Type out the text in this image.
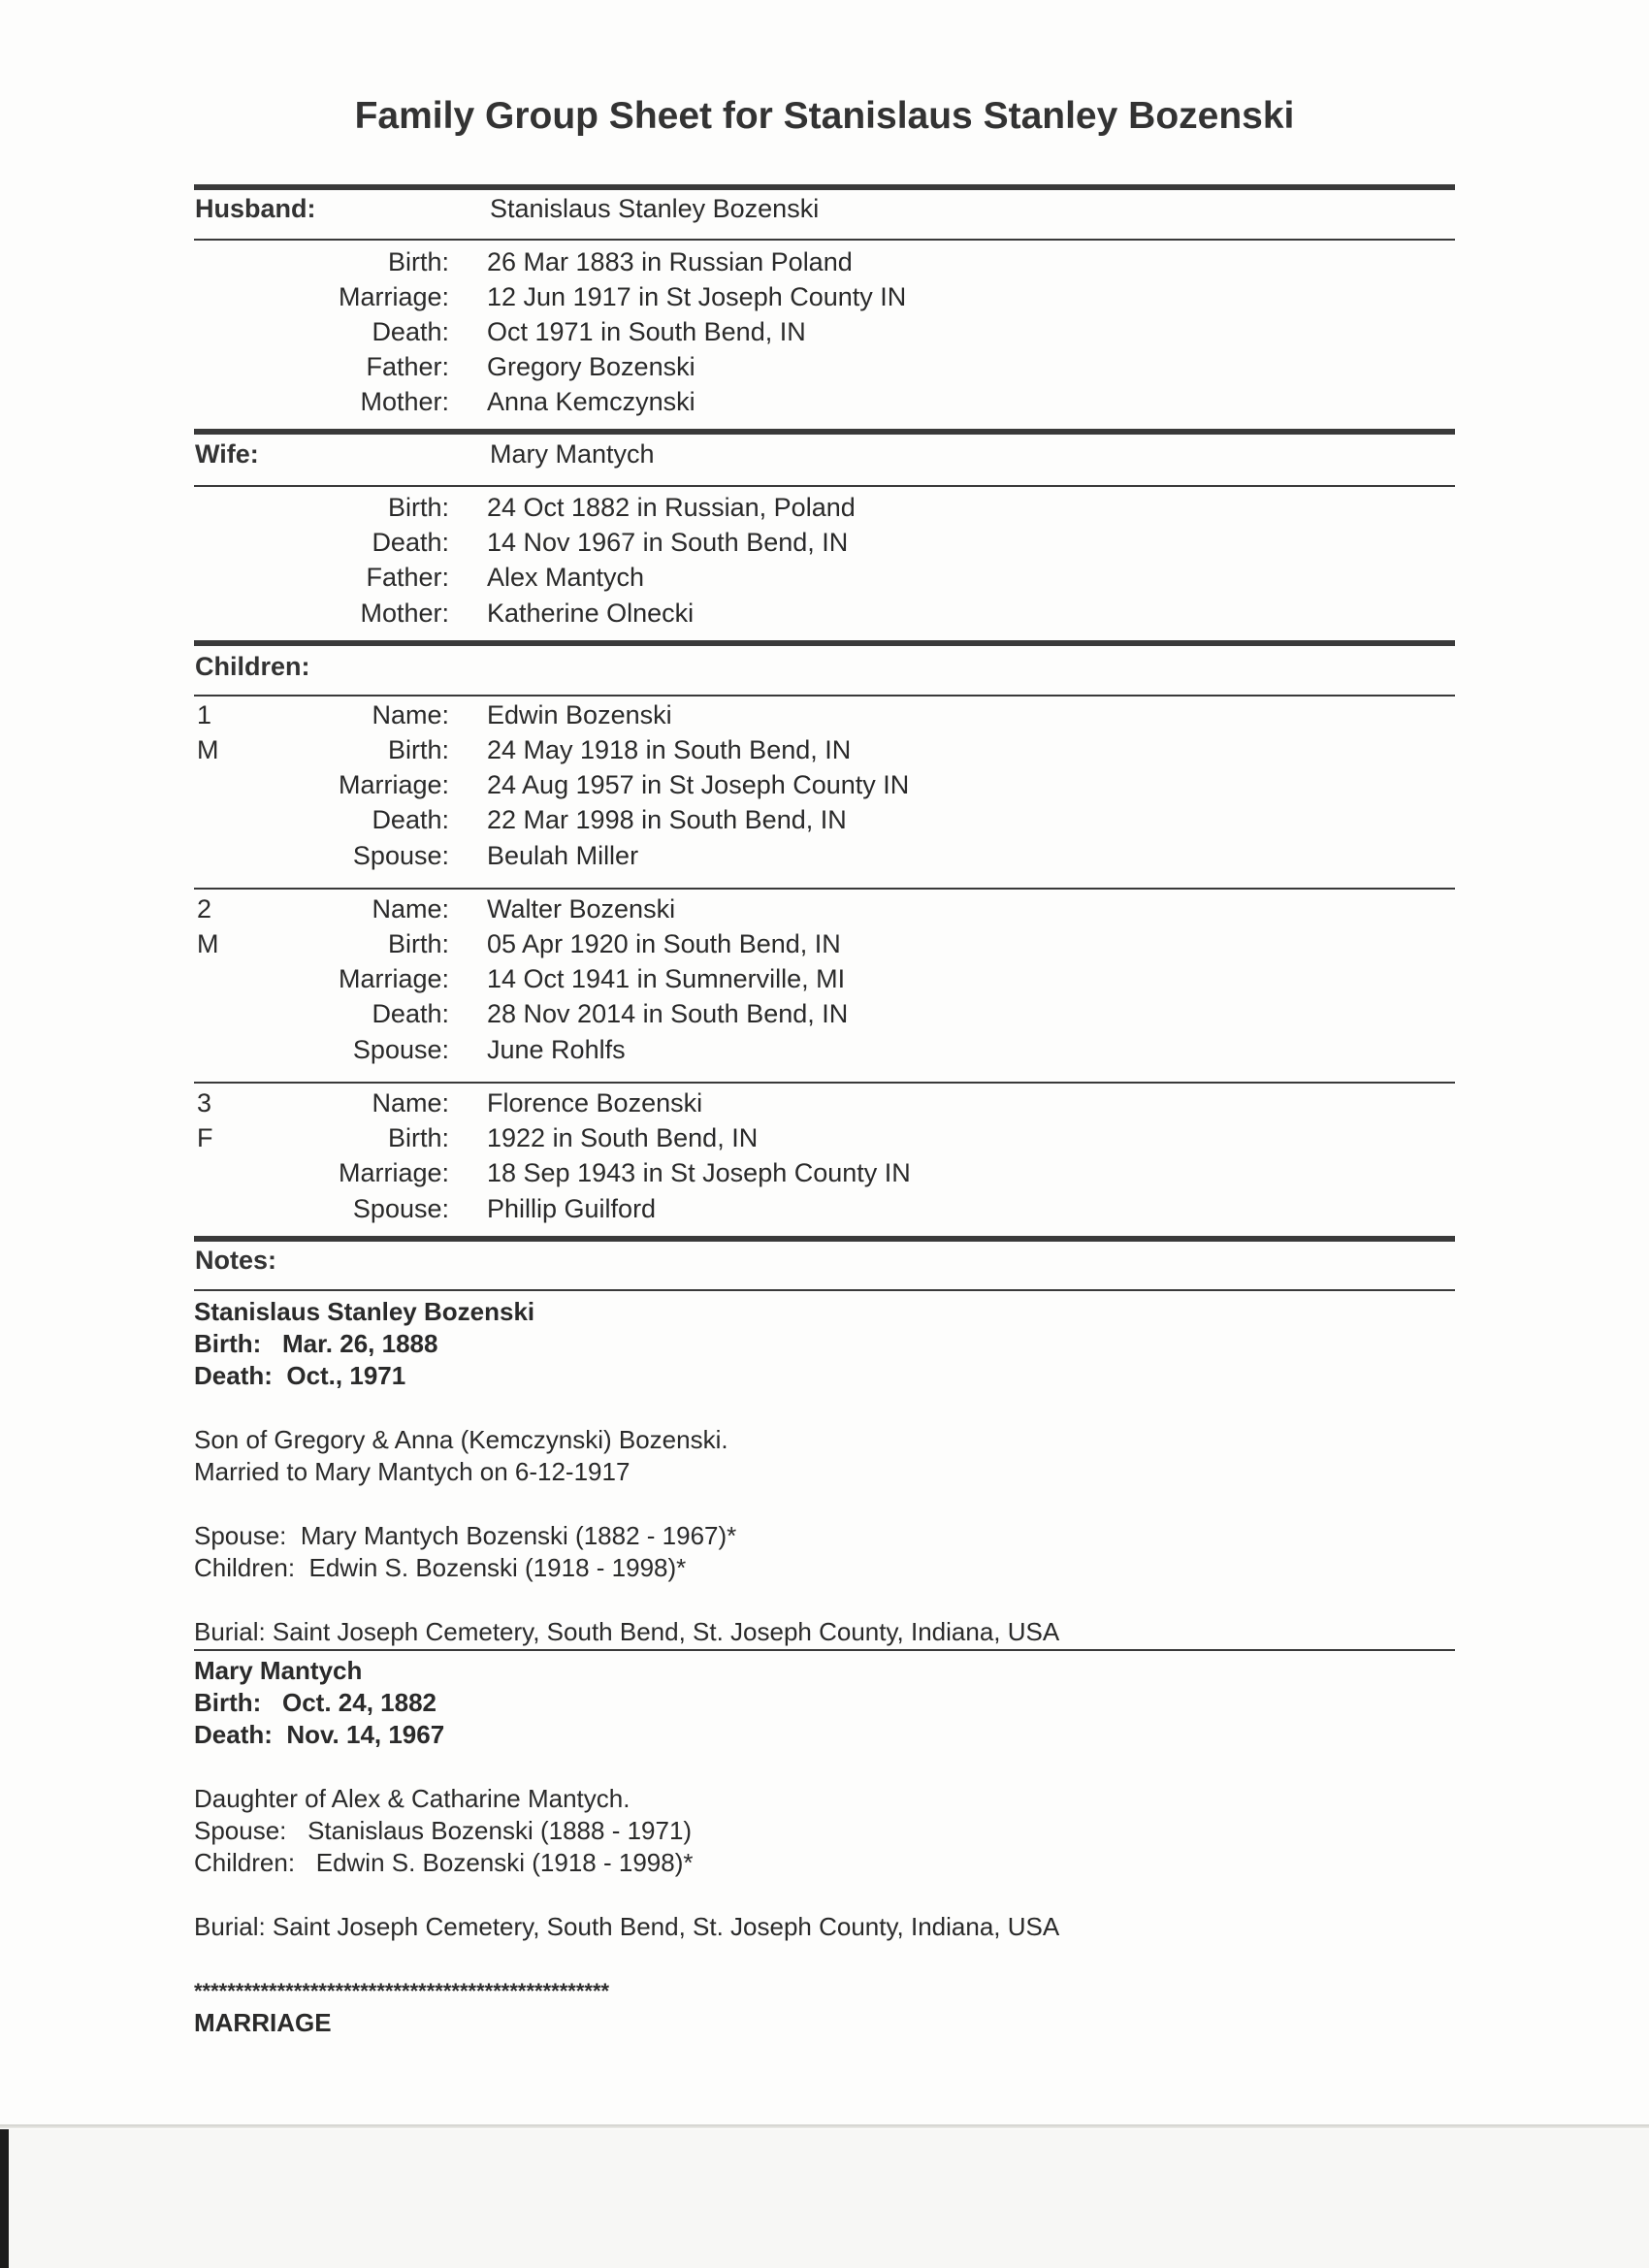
Family Group Sheet for Stanislaus Stanley Bozenski
Husband:	Stanislaus Stanley Bozenski
Birth: 26 Mar 1883 in Russian Poland
Marriage: 12 Jun 1917 in St Joseph County IN
Death: Oct 1971 in South Bend, IN
Father: Gregory Bozenski
Mother: Anna Kemczynski
Wife:	Mary Mantych
Birth: 24 Oct 1882 in Russian, Poland
Death: 14 Nov 1967 in South Bend, IN
Father: Alex Mantych
Mother: Katherine Olnecki
Children:
1
M
Name: Edwin Bozenski
Birth: 24 May 1918 in South Bend, IN
Marriage: 24 Aug 1957 in St Joseph County IN
Death: 22 Mar 1998 in South Bend, IN
Spouse: Beulah Miller
2
M
Name: Walter Bozenski
Birth: 05 Apr 1920 in South Bend, IN
Marriage: 14 Oct 1941 in Sumnerville, MI
Death: 28 Nov 2014 in South Bend, IN
Spouse: June Rohlfs
3
F
Name: Florence Bozenski
Birth: 1922 in South Bend, IN
Marriage: 18 Sep 1943 in St Joseph County IN
Spouse: Phillip Guilford
Notes:
Stanislaus Stanley Bozenski
Birth:   Mar. 26, 1888
Death:  Oct., 1971
Son of Gregory & Anna (Kemczynski) Bozenski.
Married to Mary Mantych on 6-12-1917
Spouse:  Mary Mantych Bozenski (1882 - 1967)*
Children:  Edwin S. Bozenski (1918 - 1998)*
Burial: Saint Joseph Cemetery, South Bend, St. Joseph County, Indiana, USA
Mary Mantych
Birth:   Oct. 24, 1882
Death:  Nov. 14, 1967
Daughter of Alex & Catharine Mantych.
Spouse:   Stanislaus Bozenski (1888 - 1971)
Children:   Edwin S. Bozenski (1918 - 1998)*
Burial: Saint Joseph Cemetery, South Bend, St. Joseph County, Indiana, USA
**************************************************
MARRIAGE
